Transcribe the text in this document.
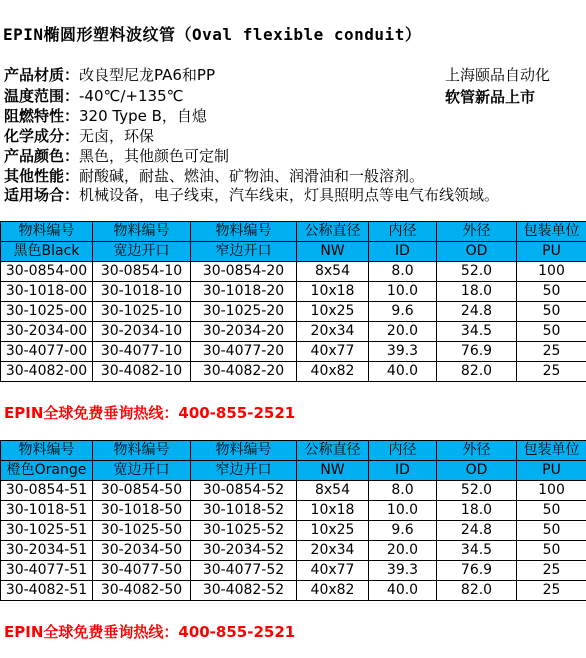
EPIN椭圆形塑料波纹管（Oval flexible conduit）
产品材质：改良型尼龙PA6和PP
温度范围：-40℃/+135℃
阻燃特性：320 Type B，自熄
化学成分：无卤，环保
产品颜色：黑色，其他颜色可定制
其他性能：耐酸碱，耐盐、燃油、矿物油、润滑油和一般溶剂。
适用场合：机械设备，电子线束，汽车线束，灯具照明点等电气布线领域。
上海颐品自动化
软管新品上市
物料编号	物料编号	物料编号	公称直径	内径	外径	包装单位
黑色Black	宽边开口	窄边开口	NW	ID	OD	PU
30-0854-00	30-0854-10	30-0854-20	8x54	8.0	52.0	100
30-1018-00	30-1018-10	30-1018-20	10x18	10.0	18.0	50
30-1025-00	30-1025-10	30-1025-20	10x25	9.6	24.8	50
30-2034-00	30-2034-10	30-2034-20	20x34	20.0	34.5	50
30-4077-00	30-4077-10	30-4077-20	40x77	39.3	76.9	25
30-4082-00	30-4082-10	30-4082-20	40x82	40.0	82.0	25
EPIN全球免费垂询热线：400-855-2521
物料编号	物料编号	物料编号	公称直径	内径	外径	包装单位
橙色Orange	宽边开口	窄边开口	NW	ID	OD	PU
30-0854-51	30-0854-50	30-0854-52	8x54	8.0	52.0	100
30-1018-51	30-1018-50	30-1018-52	10x18	10.0	18.0	50
30-1025-51	30-1025-50	30-1025-52	10x25	9.6	24.8	50
30-2034-51	30-2034-50	30-2034-52	20x34	20.0	34.5	50
30-4077-51	30-4077-50	30-4077-52	40x77	39.3	76.9	25
30-4082-51	30-4082-50	30-4082-52	40x82	40.0	82.0	25
EPIN全球免费垂询热线：400-855-2521
